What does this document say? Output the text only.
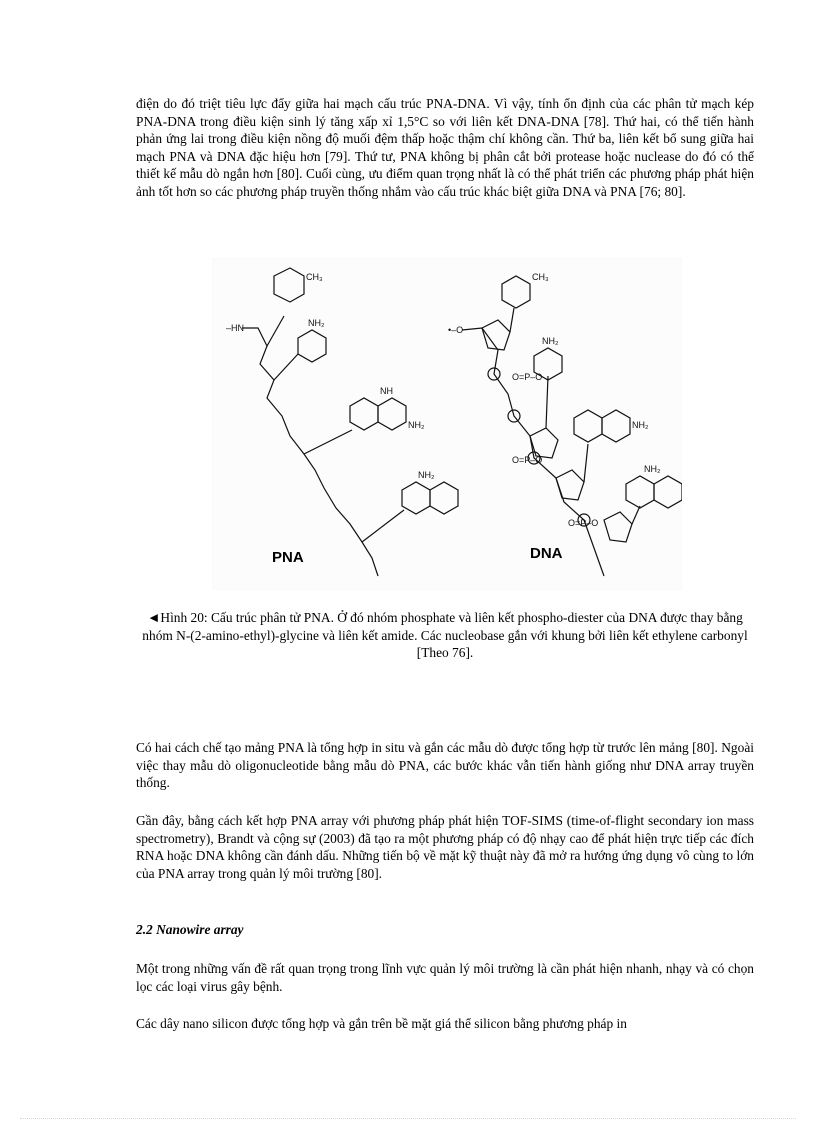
điện do đó triệt tiêu lực đẩy giữa hai mạch cấu trúc PNA-DNA. Vì vậy, tính ổn định của các phân tử mạch kép PNA-DNA trong điều kiện sinh lý tăng xấp xỉ 1,5°C so với liên kết DNA-DNA [78]. Thứ hai, có thể tiến hành phản ứng lai trong điều kiện nồng độ muối đệm thấp hoặc thậm chí không cần. Thứ ba, liên kết bổ sung giữa hai mạch PNA và DNA đặc hiệu hơn [79]. Thứ tư, PNA không bị phân cắt bởi protease hoặc nuclease do đó có thể thiết kế mẫu dò ngắn hơn [80]. Cuối cùng, ưu điểm quan trọng nhất là có thể phát triển các phương pháp phát hiện ảnh tốt hơn so các phương pháp truyền thống nhắm vào cấu trúc khác biệt giữa DNA và PNA [76; 80].

CH₃
NH₂
NH
NH₂
NH₂
CH₃
NH₂
NH₂
NH₂
–HN	•–O
O=P–O
O=P–O
O=P–O
PNA	DNA

◄Hình 20: Cấu trúc phân tử PNA. Ở đó nhóm phosphate và liên kết phospho-diester của DNA được thay bằng nhóm N-(2-amino-ethyl)-glycine và liên kết amide. Các nucleobase gắn với khung bởi liên kết ethylene carbonyl [Theo 76].

Có hai cách chế tạo mảng PNA là tổng hợp in situ và gắn các mẫu dò được tổng hợp từ trước lên mảng [80]. Ngoài việc thay mẫu dò oligonucleotide bằng mẫu dò PNA, các bước khác vẫn tiến hành giống như DNA array truyền thống.

Gần đây, bằng cách kết hợp PNA array với phương pháp phát hiện TOF-SIMS (time-of-flight secondary ion mass spectrometry), Brandt và cộng sự (2003) đã tạo ra một phương pháp có độ nhạy cao để phát hiện trực tiếp các đích RNA hoặc DNA không cần đánh dấu. Những tiến bộ về mặt kỹ thuật này đã mở ra hướng ứng dụng vô cùng to lớn của PNA array trong quản lý môi trường [80].

2.2 Nanowire array

Một trong những vấn đề rất quan trọng trong lĩnh vực quản lý môi trường là cần phát hiện nhanh, nhạy và có chọn lọc các loại virus gây bệnh.

Các dây nano silicon được tổng hợp và gắn trên bề mặt giá thể silicon bằng phương pháp in
